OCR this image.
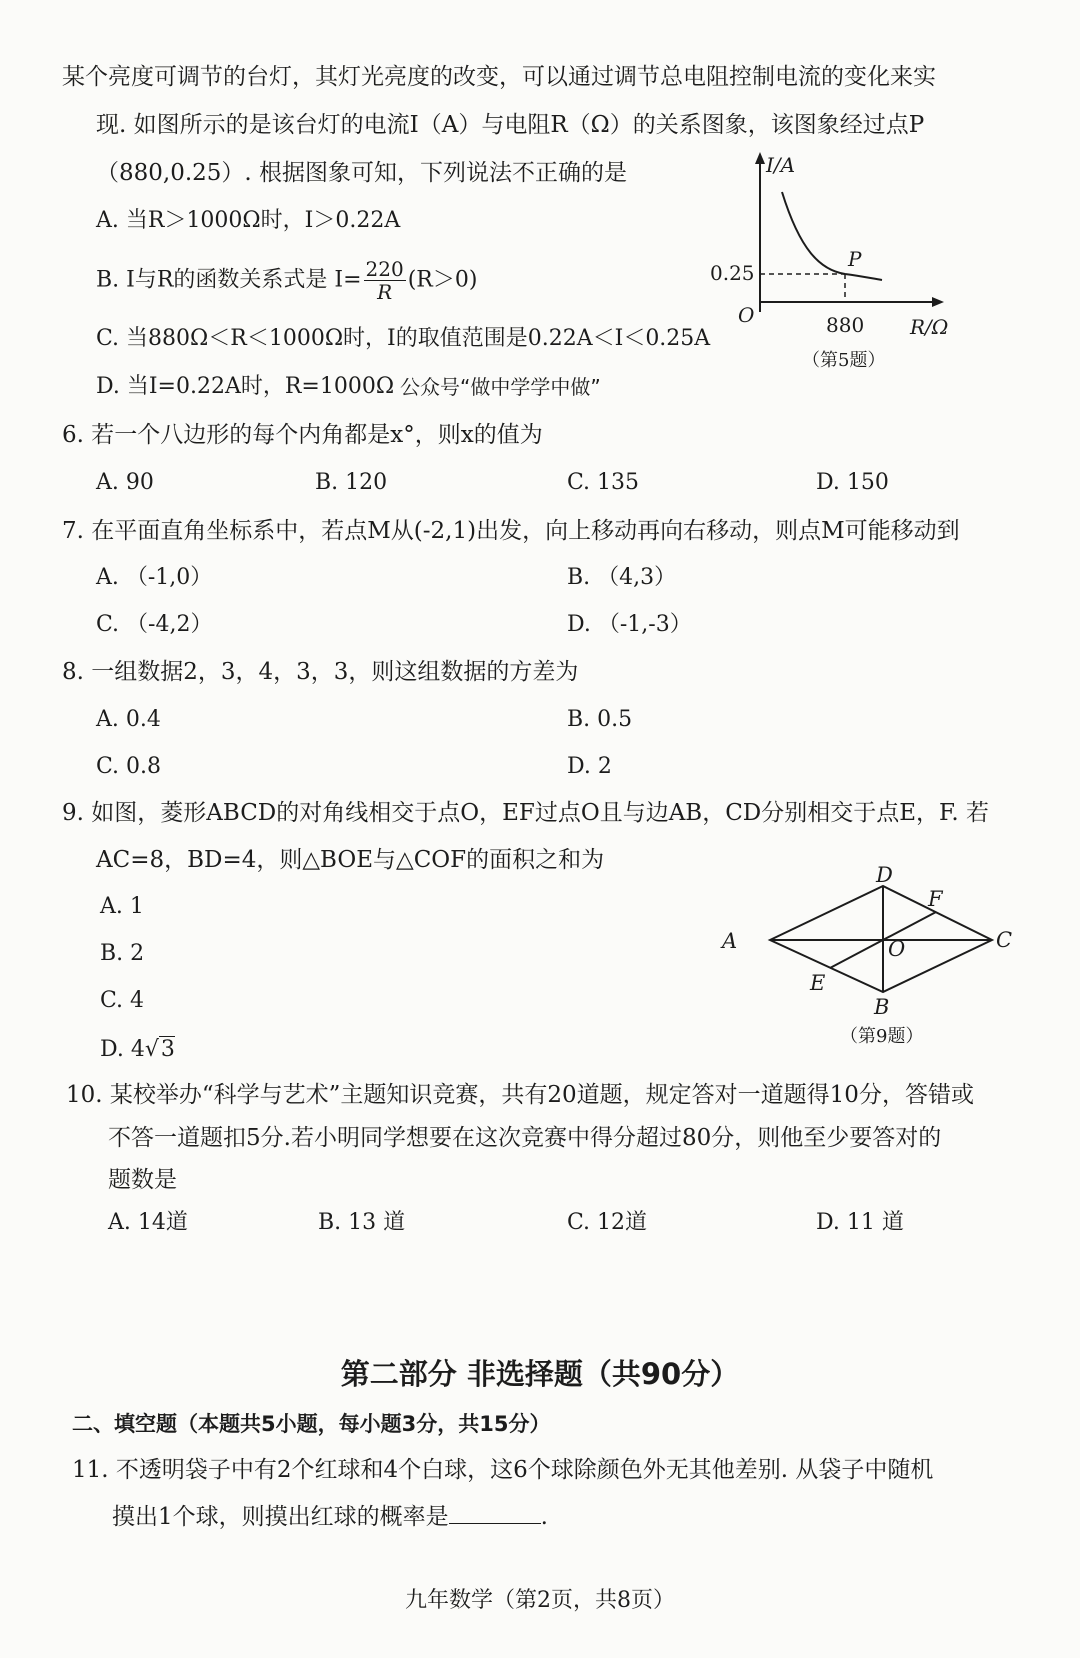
某个亮度可调节的台灯，其灯光亮度的改变，可以通过调节总电阻控制电流的变化来实
现. 如图所示的是该台灯的电流I（A）与电阻R（Ω）的关系图象，该图象经过点P
（880,0.25）. 根据图象可知，下列说法不正确的是
A. 当R＞1000Ω时，I＞0.22A
B. I与R的函数关系式是 $I= \frac{220}{R} (R>0)$
C. 当880Ω＜R＜1000Ω时，I的取值范围是0.22A＜I＜0.25A
D. 当I=0.22A时，R=1000Ω 公众号“做中学学中做”
I/A
R/Ω
O
0.25
880
P
（第5题）
6. 若一个八边形的每个内角都是x°，则x的值为
A. 90	B. 120	C. 135	D. 150
7. 在平面直角坐标系中，若点M从(-2,1)出发，向上移动再向右移动，则点M可能移动到
A. （-1,0）	B. （4,3）
C. （-4,2）	D. （-1,-3）
8. 一组数据2，3，4，3，3，则这组数据的方差为
A. 0.4	B. 0.5
C. 0.8	D. 2
9. 如图，菱形ABCD的对角线相交于点O，EF过点O且与边AB，CD分别相交于点E，F. 若
AC=8，BD=4，则△BOE与△COF的面积之和为
A. 1
B. 2
C. 4
D. 4√3
A
D
C
B
O
E
F
（第9题）
10. 某校举办“科学与艺术”主题知识竞赛，共有20道题，规定答对一道题得10分，答错或
不答一道题扣5分.若小明同学想要在这次竞赛中得分超过80分，则他至少要答对的
题数是
A. 14道	B. 13 道	C. 12道	D. 11 道
第二部分 非选择题（共90分）
二、填空题（本题共5小题，每小题3分，共15分）
11. 不透明袋子中有2个红球和4个白球，这6个球除颜色外无其他差别. 从袋子中随机
摸出1个球，则摸出红球的概率是	.
九年数学（第2页，共8页）
